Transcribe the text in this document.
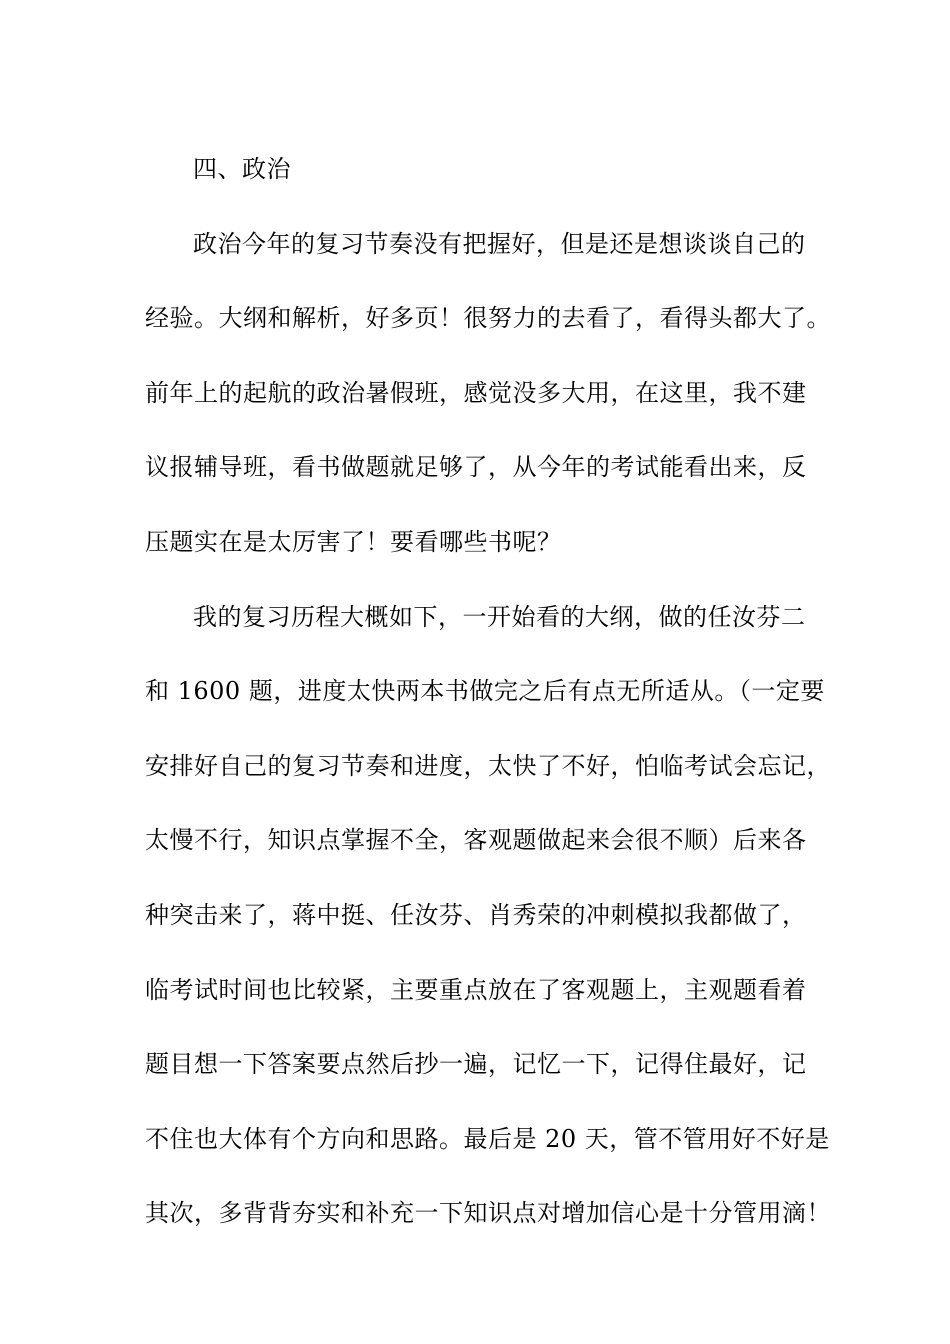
四、政治
政治今年的复习节奏没有把握好，但是还是想谈谈自己的
经验。大纲和解析，好多页！很努力的去看了，看得头都大了。
前年上的起航的政治暑假班，感觉没多大用，在这里，我不建
议报辅导班，看书做题就足够了，从今年的考试能看出来，反
压题实在是太厉害了！要看哪些书呢？
我的复习历程大概如下，一开始看的大纲，做的任汝芬二
和 1600 题，进度太快两本书做完之后有点无所适从。（一定要
安排好自己的复习节奏和进度，太快了不好，怕临考试会忘记，
太慢不行，知识点掌握不全，客观题做起来会很不顺）后来各
种突击来了，蒋中挺、任汝芬、肖秀荣的冲刺模拟我都做了，
临考试时间也比较紧，主要重点放在了客观题上，主观题看着
题目想一下答案要点然后抄一遍，记忆一下，记得住最好，记
不住也大体有个方向和思路。最后是 20 天，管不管用好不好是
其次，多背背夯实和补充一下知识点对增加信心是十分管用滴！
